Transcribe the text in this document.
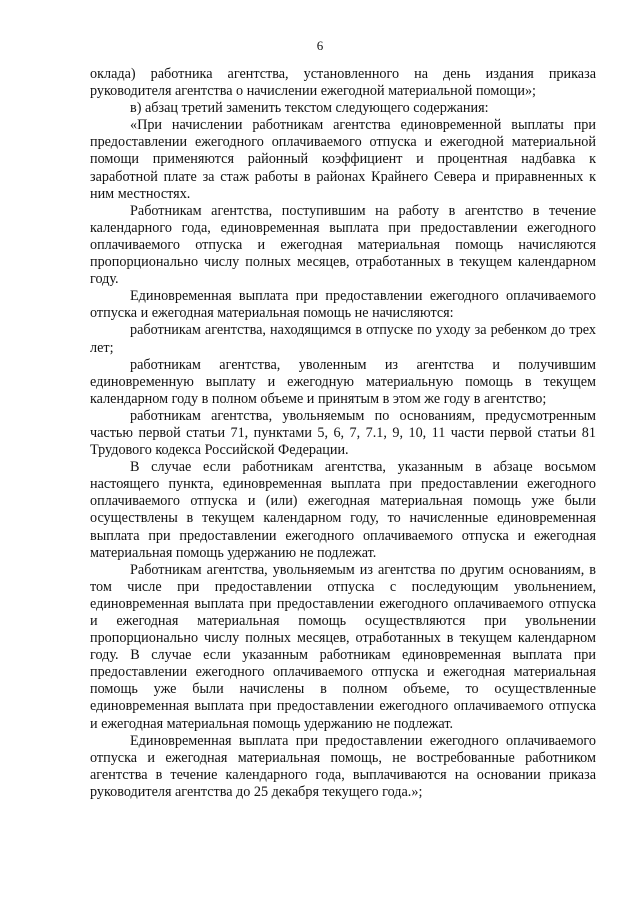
6

оклада) работника агентства, установленного на день издания приказа руководителя агентства о начислении ежегодной материальной помощи»;

в) абзац третий заменить текстом следующего содержания:

«При начислении работникам агентства единовременной выплаты при предоставлении ежегодного оплачиваемого отпуска и ежегодной материальной помощи применяются районный коэффициент и процентная надбавка к заработной плате за стаж работы в районах Крайнего Севера и приравненных к ним местностях.

Работникам агентства, поступившим на работу в агентство в течение календарного года, единовременная выплата при предоставлении ежегодного оплачиваемого отпуска и ежегодная материальная помощь начисляются пропорционально числу полных месяцев, отработанных в текущем календарном году.

Единовременная выплата при предоставлении ежегодного оплачиваемого отпуска и ежегодная материальная помощь не начисляются:

работникам агентства, находящимся в отпуске по уходу за ребенком до трех лет;

работникам агентства, уволенным из агентства и получившим единовременную выплату и ежегодную материальную помощь в текущем календарном году в полном объеме и принятым в этом же году в агентство;

работникам агентства, увольняемым по основаниям, предусмотренным частью первой статьи 71, пунктами 5, 6, 7, 7.1, 9, 10, 11 части первой статьи 81 Трудового кодекса Российской Федерации.

В случае если работникам агентства, указанным в абзаце восьмом настоящего пункта, единовременная выплата при предоставлении ежегодного оплачиваемого отпуска и (или) ежегодная материальная помощь уже были осуществлены в текущем календарном году, то начисленные единовременная выплата при предоставлении ежегодного оплачиваемого отпуска и ежегодная материальная помощь удержанию не подлежат.

Работникам агентства, увольняемым из агентства по другим основаниям, в том числе при предоставлении отпуска с последующим увольнением, единовременная выплата при предоставлении ежегодного оплачиваемого отпуска и ежегодная материальная помощь осуществляются при увольнении пропорционально числу полных месяцев, отработанных в текущем календарном году. В случае если указанным работникам единовременная выплата при предоставлении ежегодного оплачиваемого отпуска и ежегодная материальная помощь уже были начислены в полном объеме, то осуществленные единовременная выплата при предоставлении ежегодного оплачиваемого отпуска и ежегодная материальная помощь удержанию не подлежат.

Единовременная выплата при предоставлении ежегодного оплачиваемого отпуска и ежегодная материальная помощь, не востребованные работником агентства в течение календарного года, выплачиваются на основании приказа руководителя агентства до 25 декабря текущего года.»;
